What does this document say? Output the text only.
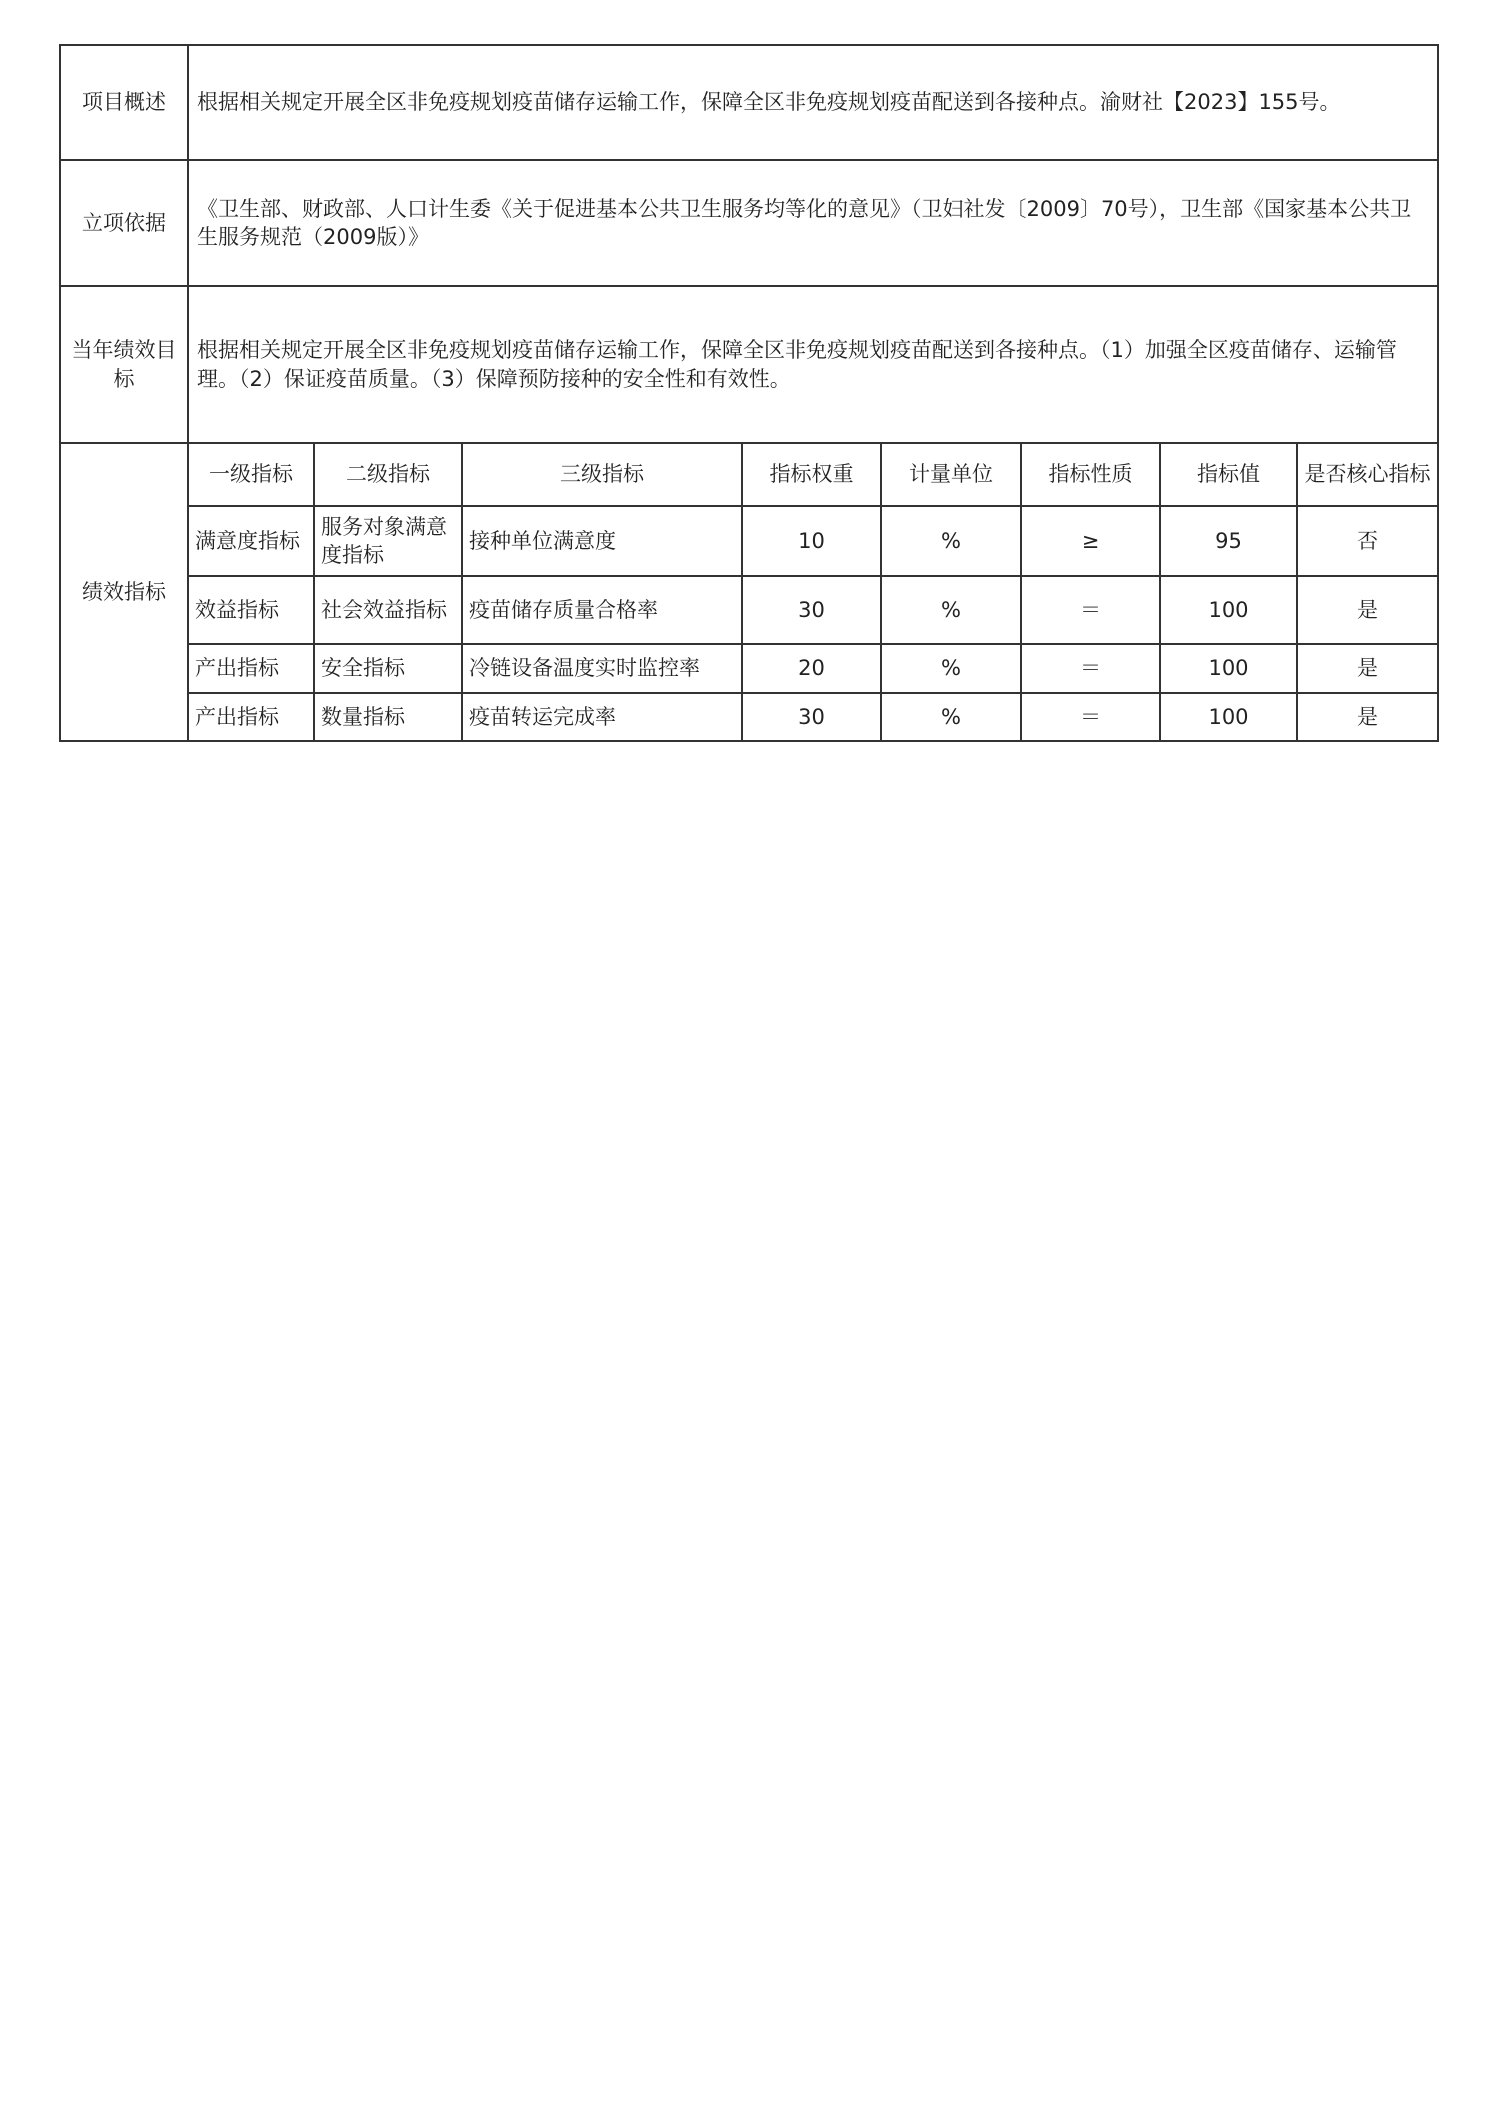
项目概述	根据相关规定开展全区非免疫规划疫苗储存运输工作，保障全区非免疫规划疫苗配送到各接种点。渝财社【2023】155号。							
立项依据	《卫生部、财政部、人口计生委《关于促进基本公共卫生服务均等化的意见》（卫妇社发〔2009〕70号），卫生部《国家基本公共卫生服务规范（2009版）》							
当年绩效目标	根据相关规定开展全区非免疫规划疫苗储存运输工作，保障全区非免疫规划疫苗配送到各接种点。（1）加强全区疫苗储存、运输管理。（2）保证疫苗质量。（3）保障预防接种的安全性和有效性。							
绩效指标	一级指标	二级指标	三级指标	指标权重	计量单位	指标性质	指标值	是否核心指标
	满意度指标	服务对象满意度指标	接种单位满意度	10	%	≥	95	否
	效益指标	社会效益指标	疫苗储存质量合格率	30	%	＝	100	是
	产出指标	安全指标	冷链设备温度实时监控率	20	%	＝	100	是
	产出指标	数量指标	疫苗转运完成率	30	%	＝	100	是
